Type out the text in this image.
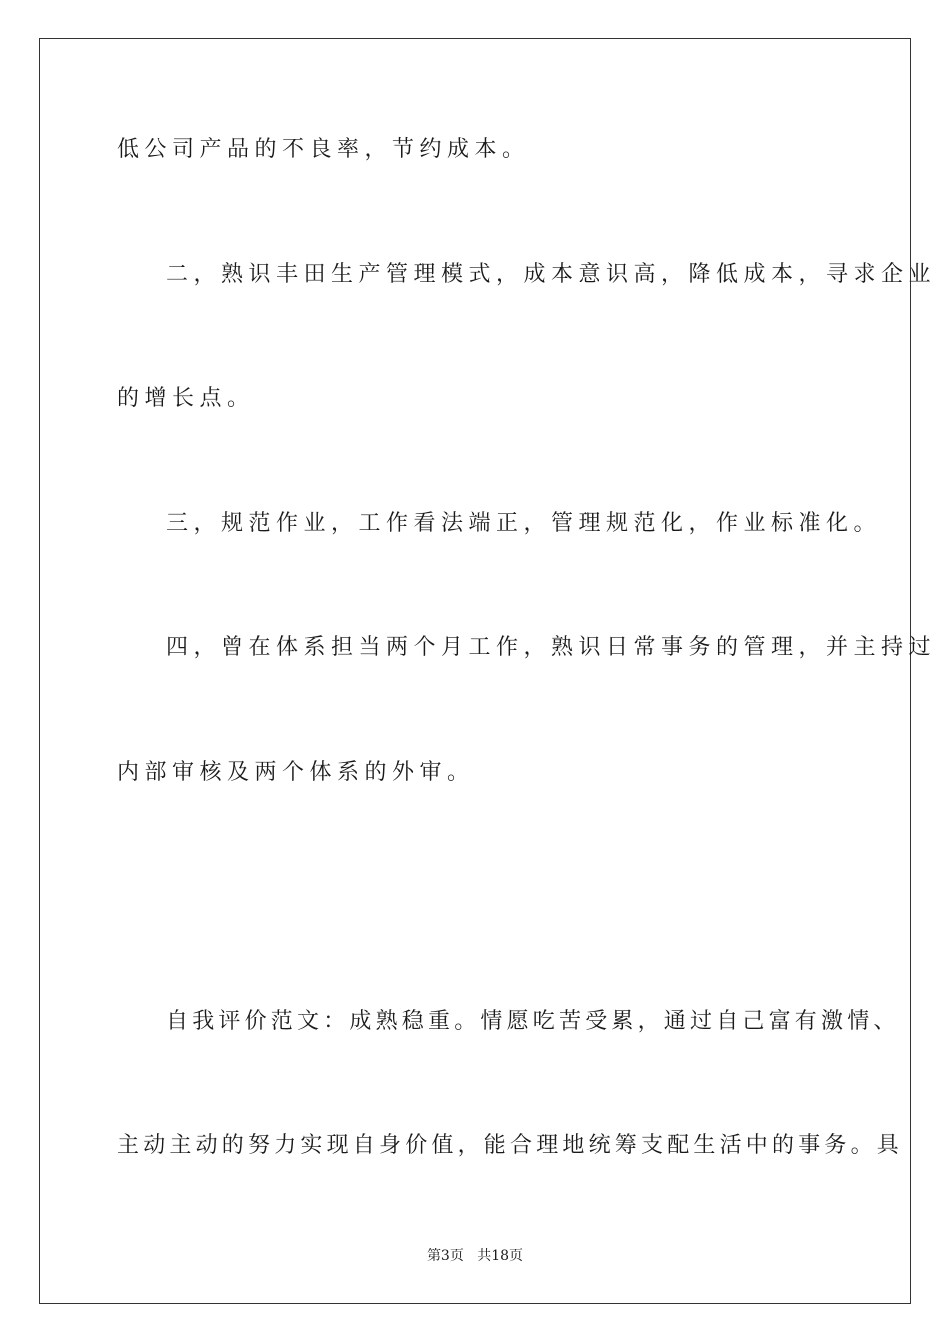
低公司产品的不良率，节约成本。
二，熟识丰田生产管理模式，成本意识高，降低成本，寻求企业
的增长点。
三，规范作业，工作看法端正，管理规范化，作业标准化。
四，曾在体系担当两个月工作，熟识日常事务的管理，并主持过
内部审核及两个体系的外审。
自我评价范文：成熟稳重。情愿吃苦受累，通过自己富有激情、
主动主动的努力实现自身价值，能合理地统筹支配生活中的事务。具
第3页 共18页
